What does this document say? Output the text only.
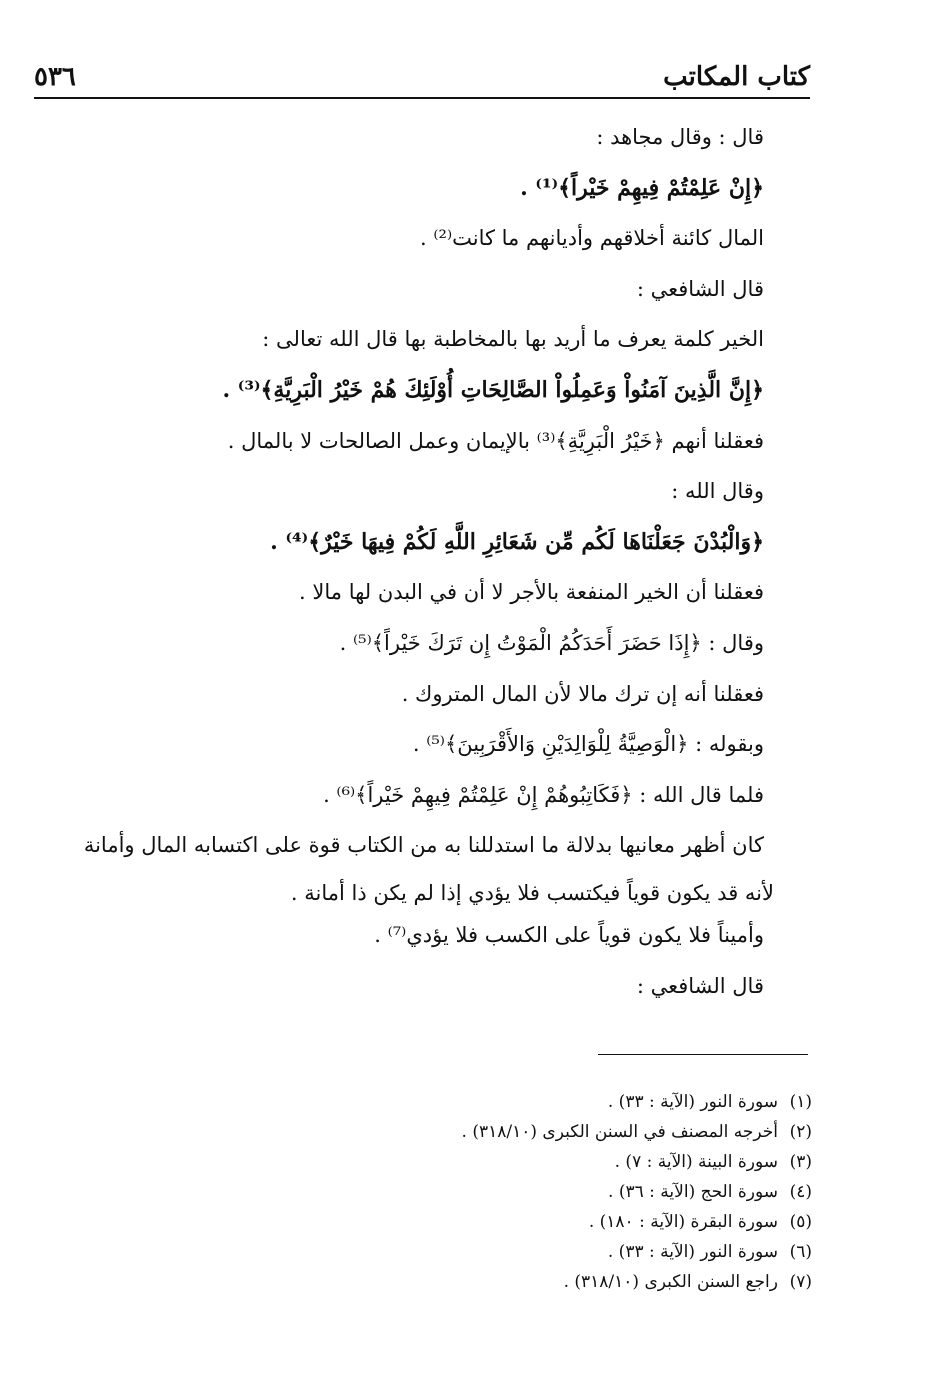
٥٣٦	كتاب المكاتب
قال : وقال مجاهد :
﴿إِنْ عَلِمْتُمْ فِيهِمْ خَيْراً﴾⁽¹⁾ .
المال كائنة أخلاقهم وأديانهم ما كانت⁽²⁾ .
قال الشافعي :
الخير كلمة يعرف ما أريد بها بالمخاطبة بها قال الله تعالى :
﴿إِنَّ الَّذِينَ آمَنُواْ وَعَمِلُواْ الصَّالِحَاتِ أُوْلَئِكَ هُمْ خَيْرُ الْبَرِيَّةِ﴾⁽³⁾ .
فعقلنا أنهم ﴿خَيْرُ الْبَرِيَّةِ﴾⁽³⁾ بالإيمان وعمل الصالحات لا بالمال .
وقال الله :
﴿وَالْبُدْنَ جَعَلْنَاهَا لَكُم مِّن شَعَائِرِ اللَّهِ لَكُمْ فِيهَا خَيْرٌ﴾⁽⁴⁾ .
فعقلنا أن الخير المنفعة بالأجر لا أن في البدن لها مالا .
وقال : ﴿إِذَا حَضَرَ أَحَدَكُمُ الْمَوْتُ إِن تَرَكَ خَيْراً﴾⁽⁵⁾ .
فعقلنا أنه إن ترك مالا لأن المال المتروك .
وبقوله : ﴿الْوَصِيَّةُ لِلْوَالِدَيْنِ وَالأَقْرَبِينَ﴾⁽⁵⁾ .
فلما قال الله : ﴿فَكَاتِبُوهُمْ إِنْ عَلِمْتُمْ فِيهِمْ خَيْراً﴾⁽⁶⁾ .
كان أظهر معانيها بدلالة ما استدللنا به من الكتاب قوة على اكتسابه المال وأمانة
لأنه قد يكون قوياً فيكتسب فلا يؤدي إذا لم يكن ذا أمانة .
وأميناً فلا يكون قوياً على الكسب فلا يؤدي⁽⁷⁾ .
قال الشافعي :
(١)سورة النور (الآية : ٣٣) .
(٢)أخرجه المصنف في السنن الكبرى (٣١٨/١٠) .
(٣)سورة البينة (الآية : ٧) .
(٤)سورة الحج (الآية : ٣٦) .
(٥)سورة البقرة (الآية : ١٨٠) .
(٦)سورة النور (الآية : ٣٣) .
(٧)راجع السنن الكبرى (٣١٨/١٠) .
